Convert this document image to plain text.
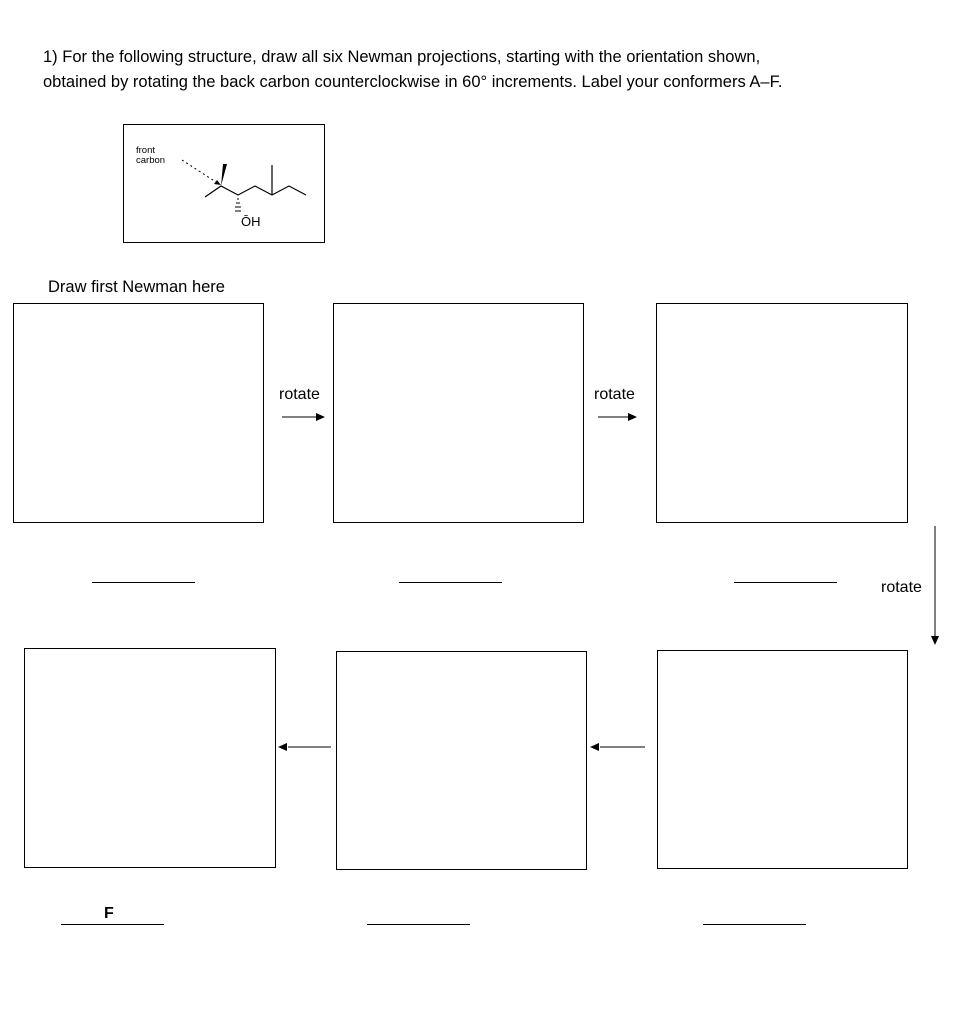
1) For the following structure, draw all six Newman projections, starting with the orientation shown,
obtained by rotating the back carbon counterclockwise in 60° increments. Label your conformers A–F.
front
carbon
ŌH
Draw first Newman here
rotate	rotate
rotate
F
